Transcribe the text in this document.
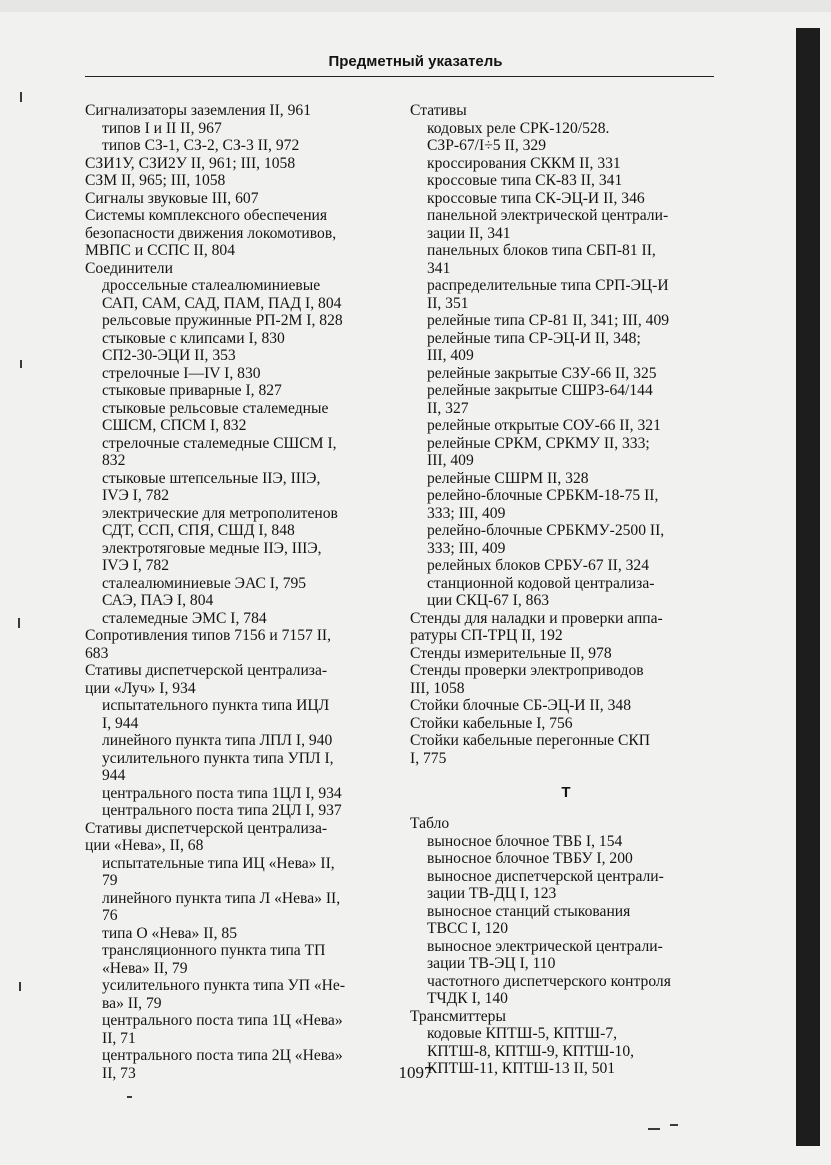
Предметный указатель
Сигнализаторы заземления II, 961
типов I и II II, 967
типов СЗ-1, СЗ-2, СЗ-3 II, 972
СЗИ1У, СЗИ2У II, 961; III, 1058
СЗМ II, 965; III, 1058
Сигналы звуковые III, 607
Системы комплексного обеспечения
безопасности движения локомотивов,
МВПС и ССПС II, 804
Соединители
дроссельные сталеалюминиевые
САП, САМ, САД, ПАМ, ПАД I, 804
рельсовые пружинные РП-2М I, 828
стыковые с клипсами I, 830
СП2-30-ЭЦИ II, 353
стрелочные I—IV I, 830
стыковые приварные I, 827
стыковые рельсовые сталемедные
СШСМ, СПСМ I, 832
стрелочные сталемедные СШСМ I,
832
стыковые штепсельные IIЭ, IIIЭ,
IVЭ I, 782
электрические для метрополитенов
СДТ, ССП, СПЯ, СШД I, 848
электротяговые медные IIЭ, IIIЭ,
IVЭ I, 782
сталеалюминиевые ЭАС I, 795
САЭ, ПАЭ I, 804
сталемедные ЭМС I, 784
Сопротивления типов 7156 и 7157 II,
683
Стативы диспетчерской централиза-
ции «Луч» I, 934
испытательного пункта типа ИЦЛ
I, 944
линейного пункта типа ЛПЛ I, 940
усилительного пункта типа УПЛ I,
944
центрального поста типа 1ЦЛ I, 934
центрального поста типа 2ЦЛ I, 937
Стативы диспетчерской централиза-
ции «Нева», II, 68
испытательные типа ИЦ «Нева» II,
79
линейного пункта типа Л «Нева» II,
76
типа О «Нева» II, 85
трансляционного пункта типа ТП
«Нева» II, 79
усилительного пункта типа УП «Не-
ва» II, 79
центрального поста типа 1Ц «Нева»
II, 71
центрального поста типа 2Ц «Нева»
II, 73
Стативы
кодовых реле СРК-120/528.
СЗР-67/I÷5 II, 329
кроссирования СККМ II, 331
кроссовые типа СК-83 II, 341
кроссовые типа СК-ЭЦ-И II, 346
панельной электрической централи-
зации II, 341
панельных блоков типа СБП-81 II,
341
распределительные типа СРП-ЭЦ-И
II, 351
релейные типа СР-81 II, 341; III, 409
релейные типа СР-ЭЦ-И II, 348;
III, 409
релейные закрытые СЗУ-66 II, 325
релейные закрытые СШРЗ-64/144
II, 327
релейные открытые СОУ-66 II, 321
релейные СРКМ, СРКМУ II, 333;
III, 409
релейные СШРМ II, 328
релейно-блочные СРБКМ-18-75 II,
333; III, 409
релейно-блочные СРБКМУ-2500 II,
333; III, 409
релейных блоков СРБУ-67 II, 324
станционной кодовой централиза-
ции СКЦ-67 I, 863
Стенды для наладки и проверки аппа-
ратуры СП-ТРЦ II, 192
Стенды измерительные II, 978
Стенды проверки электроприводов
III, 1058
Стойки блочные СБ-ЭЦ-И II, 348
Стойки кабельные I, 756
Стойки кабельные перегонные СКП
I, 775
Т
Табло
выносное блочное ТВБ I, 154
выносное блочное ТВБУ I, 200
выносное диспетчерской централи-
зации ТВ-ДЦ I, 123
выносное станций стыкования
ТВСС I, 120
выносное электрической централи-
зации ТВ-ЭЦ I, 110
частотного диспетчерского контроля
ТЧДК I, 140
Трансмиттеры
кодовые КПТШ-5, КПТШ-7,
КПТШ-8, КПТШ-9, КПТШ-10,
КПТШ-11, КПТШ-13 II, 501
1097
